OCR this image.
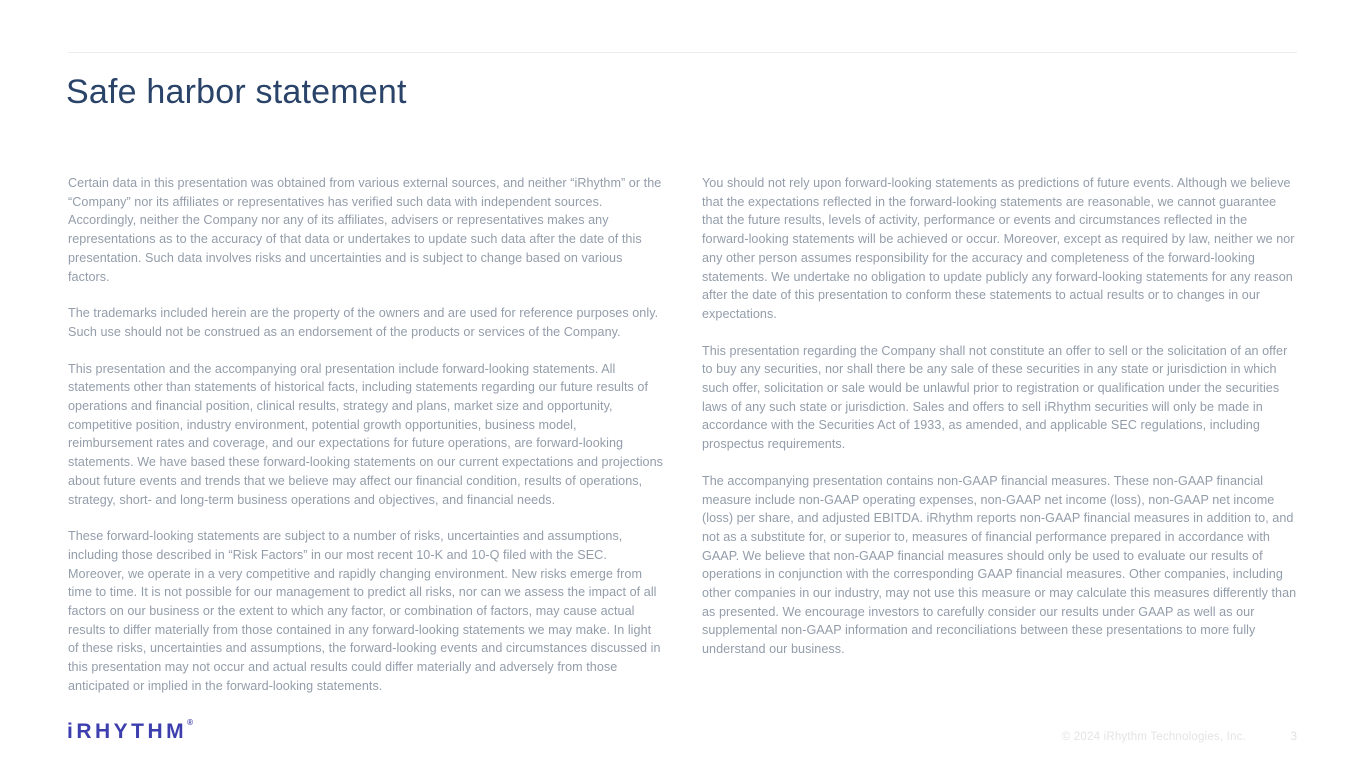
Safe harbor statement

Certain data in this presentation was obtained from various external sources, and neither “iRhythm” or the “Company” nor its affiliates or representatives has verified such data with independent sources. Accordingly, neither the Company nor any of its affiliates, advisers or representatives makes any representations as to the accuracy of that data or undertakes to update such data after the date of this presentation. Such data involves risks and uncertainties and is subject to change based on various factors.

The trademarks included herein are the property of the owners and are used for reference purposes only. Such use should not be construed as an endorsement of the products or services of the Company.

This presentation and the accompanying oral presentation include forward-looking statements. All statements other than statements of historical facts, including statements regarding our future results of operations and financial position, clinical results, strategy and plans, market size and opportunity, competitive position, industry environment, potential growth opportunities, business model, reimbursement rates and coverage, and our expectations for future operations, are forward-looking statements. We have based these forward-looking statements on our current expectations and projections about future events and trends that we believe may affect our financial condition, results of operations, strategy, short- and long-term business operations and objectives, and financial needs.

These forward-looking statements are subject to a number of risks, uncertainties and assumptions, including those described in “Risk Factors” in our most recent 10-K and 10-Q filed with the SEC. Moreover, we operate in a very competitive and rapidly changing environment. New risks emerge from time to time. It is not possible for our management to predict all risks, nor can we assess the impact of all factors on our business or the extent to which any factor, or combination of factors, may cause actual results to differ materially from those contained in any forward-looking statements we may make. In light of these risks, uncertainties and assumptions, the forward-looking events and circumstances discussed in this presentation may not occur and actual results could differ materially and adversely from those anticipated or implied in the forward-looking statements.

You should not rely upon forward-looking statements as predictions of future events. Although we believe that the expectations reflected in the forward-looking statements are reasonable, we cannot guarantee that the future results, levels of activity, performance or events and circumstances reflected in the forward-looking statements will be achieved or occur. Moreover, except as required by law, neither we nor any other person assumes responsibility for the accuracy and completeness of the forward-looking statements. We undertake no obligation to update publicly any forward-looking statements for any reason after the date of this presentation to conform these statements to actual results or to changes in our expectations.

This presentation regarding the Company shall not constitute an offer to sell or the solicitation of an offer to buy any securities, nor shall there be any sale of these securities in any state or jurisdiction in which such offer, solicitation or sale would be unlawful prior to registration or qualification under the securities laws of any such state or jurisdiction. Sales and offers to sell iRhythm securities will only be made in accordance with the Securities Act of 1933, as amended, and applicable SEC regulations, including prospectus requirements.

The accompanying presentation contains non-GAAP financial measures. These non-GAAP financial measure include non-GAAP operating expenses, non-GAAP net income (loss), non-GAAP net income (loss) per share, and adjusted EBITDA. iRhythm reports non-GAAP financial measures in addition to, and not as a substitute for, or superior to, measures of financial performance prepared in accordance with GAAP. We believe that non-GAAP financial measures should only be used to evaluate our results of operations in conjunction with the corresponding GAAP financial measures. Other companies, including other companies in our industry, may not use this measure or may calculate this measures differently than as presented. We encourage investors to carefully consider our results under GAAP as well as our supplemental non-GAAP information and reconciliations between these presentations to more fully understand our business.

iRHYTHM®
© 2024 iRhythm Technologies, Inc.	3
